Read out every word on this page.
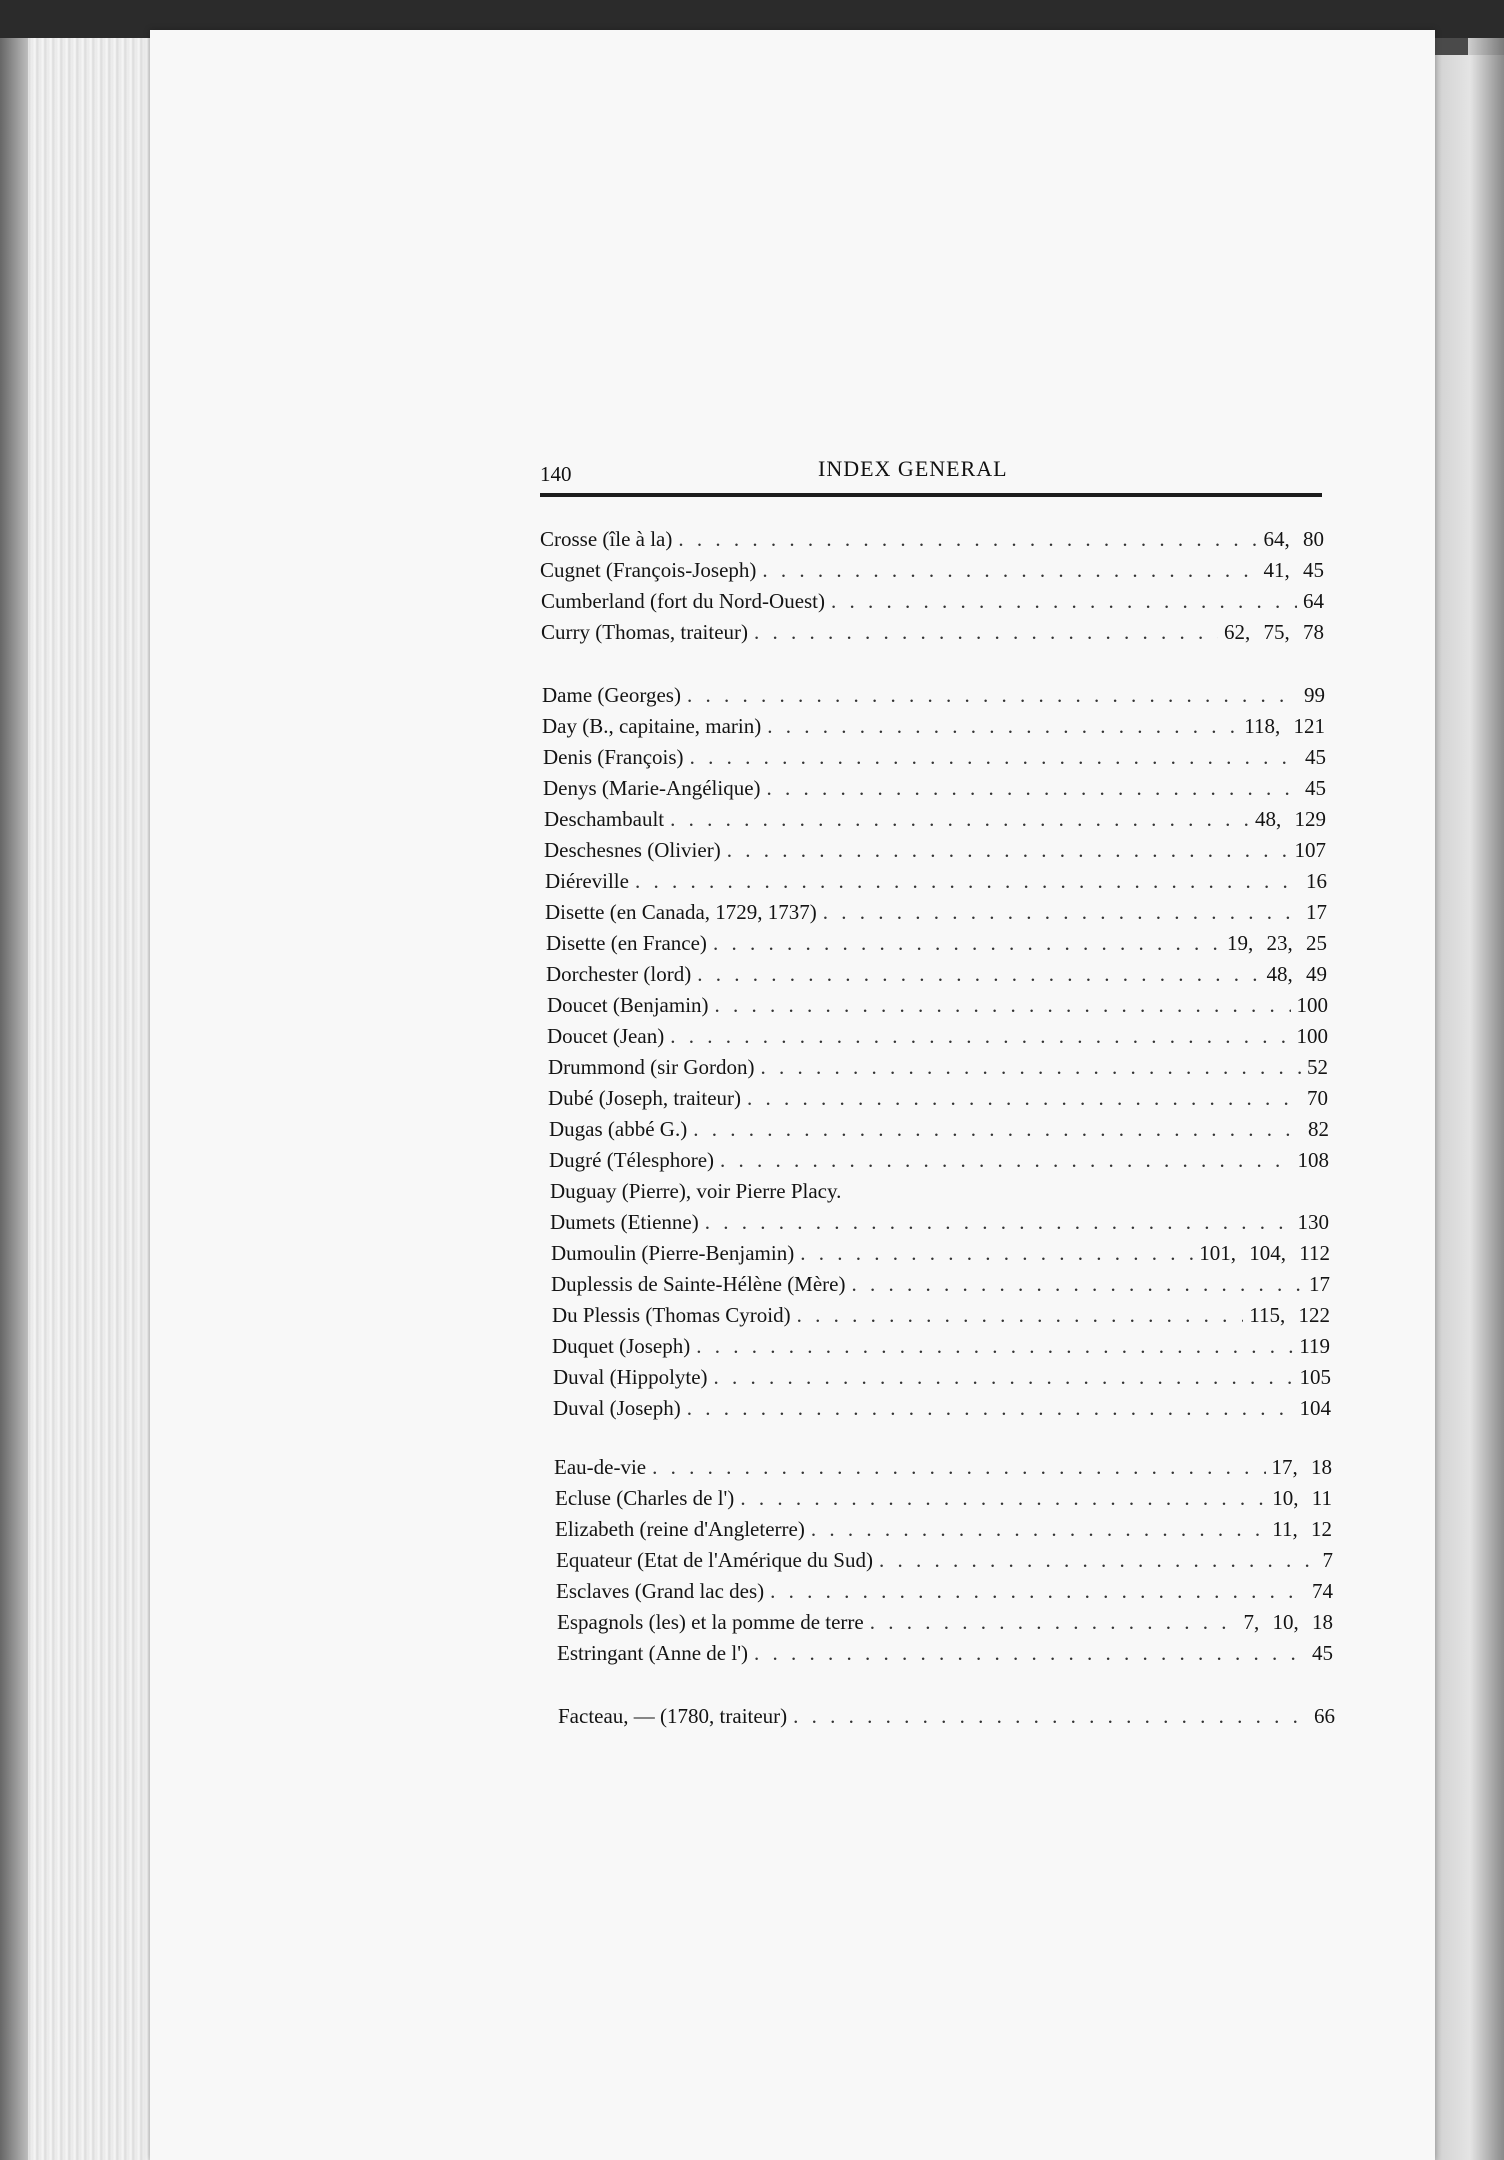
140	INDEX GENERAL
Crosse (île à la) . . .	64, 80
Cugnet (François-Joseph) . . .	41, 45
Cumberland (fort du Nord-Ouest) . . .	64
Curry (Thomas, traiteur) . . .	62, 75, 78
Dame (Georges) . . .	99
Day (B., capitaine, marin) . . .	118, 121
Denis (François) . . .	45
Denys (Marie-Angélique) . . .	45
Deschambault . . .	48, 129
Deschesnes (Olivier) . . .	107
Diéreville . . .	16
Disette (en Canada, 1729, 1737) . . .	17
Disette (en France) . . .	19, 23, 25
Dorchester (lord) . . .	48, 49
Doucet (Benjamin) . . .	100
Doucet (Jean) . . .	100
Drummond (sir Gordon) . . .	52
Dubé (Joseph, traiteur) . . .	70
Dugas (abbé G.) . . .	82
Dugré (Télesphore) . . .	108
Duguay (Pierre), voir Pierre Placy.
Dumets (Etienne) . . .	130
Dumoulin (Pierre-Benjamin) . . .	101, 104, 112
Duplessis de Sainte-Hélène (Mère) . . .	17
Du Plessis (Thomas Cyroid) . . .	115, 122
Duquet (Joseph) . . .	119
Duval (Hippolyte) . . .	105
Duval (Joseph) . . .	104
Eau-de-vie . . .	17, 18
Ecluse (Charles de l') . . .	10, 11
Elizabeth (reine d'Angleterre) . . .	11, 12
Equateur (Etat de l'Amérique du Sud) . . .	7
Esclaves (Grand lac des) . . .	74
Espagnols (les) et la pomme de terre . . .	7, 10, 18
Estringant (Anne de l') . . .	45
Facteau, — (1780, traiteur) . . .	66
